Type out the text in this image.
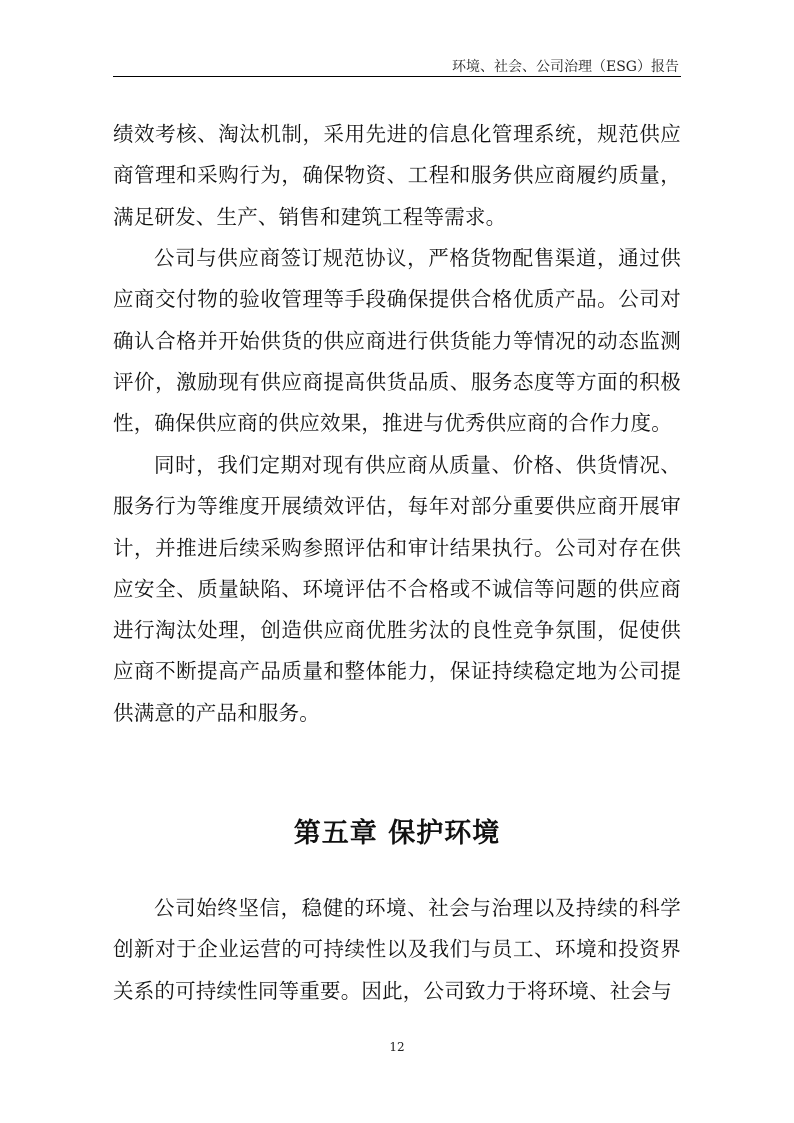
环境、社会、公司治理（ESG）报告

绩效考核、淘汰机制，采用先进的信息化管理系统，规范供应商管理和采购行为，确保物资、工程和服务供应商履约质量，满足研发、生产、销售和建筑工程等需求。

公司与供应商签订规范协议，严格货物配售渠道，通过供应商交付物的验收管理等手段确保提供合格优质产品。公司对确认合格并开始供货的供应商进行供货能力等情况的动态监测评价，激励现有供应商提高供货品质、服务态度等方面的积极性，确保供应商的供应效果，推进与优秀供应商的合作力度。

同时，我们定期对现有供应商从质量、价格、供货情况、服务行为等维度开展绩效评估，每年对部分重要供应商开展审计，并推进后续采购参照评估和审计结果执行。公司对存在供应安全、质量缺陷、环境评估不合格或不诚信等问题的供应商进行淘汰处理，创造供应商优胜劣汰的良性竞争氛围，促使供应商不断提高产品质量和整体能力，保证持续稳定地为公司提供满意的产品和服务。

第五章 保护环境

公司始终坚信，稳健的环境、社会与治理以及持续的科学创新对于企业运营的可持续性以及我们与员工、环境和投资界关系的可持续性同等重要。因此，公司致力于将环境、社会与

12
